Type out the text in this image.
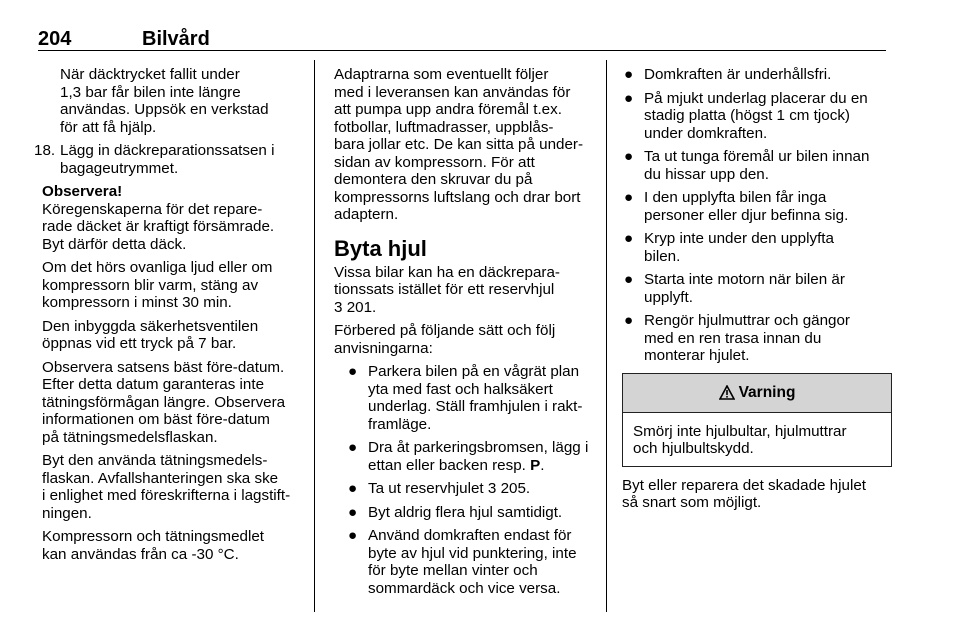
204	Bilvård

När däcktrycket fallit under
1,3 bar får bilen inte längre
användas. Uppsök en verkstad
för att få hjälp.

18. Lägg in däckreparationssatsen i
bagageutrymmet.

Observera!

Köregenskaperna för det repare-
rade däcket är kraftigt försämrade.
Byt därför detta däck.

Om det hörs ovanliga ljud eller om
kompressorn blir varm, stäng av
kompressorn i minst 30 min.

Den inbyggda säkerhetsventilen
öppnas vid ett tryck på 7 bar.

Observera satsens bäst före-datum.
Efter detta datum garanteras inte
tätningsförmågan längre. Observera
informationen om bäst före-datum
på tätningsmedelsflaskan.

Byt den använda tätningsmedels-
flaskan. Avfallshanteringen ska ske
i enlighet med föreskrifterna i lagstift-
ningen.

Kompressorn och tätningsmedlet
kan användas från ca -30 °C.

Adaptrarna som eventuellt följer
med i leveransen kan användas för
att pumpa upp andra föremål t.ex.
fotbollar, luftmadrasser, uppblås-
bara jollar etc. De kan sitta på under-
sidan av kompressorn. För att
demontera den skruvar du på
kompressorns luftslang och drar bort
adaptern.

Byta hjul

Vissa bilar kan ha en däckrepara-
tionssats istället för ett reservhjul
3 201.

Förbered på följande sätt och följ
anvisningarna:

● Parkera bilen på en vågrät plan
yta med fast och halksäkert
underlag. Ställ framhjulen i rakt-
framläge.
● Dra åt parkeringsbromsen, lägg i
ettan eller backen resp. P.
● Ta ut reservhjulet 3 205.
● Byt aldrig flera hjul samtidigt.
● Använd domkraften endast för
byte av hjul vid punktering, inte
för byte mellan vinter och
sommardäck och vice versa.
● Domkraften är underhållsfri.
● På mjukt underlag placerar du en
stadig platta (högst 1 cm tjock)
under domkraften.
● Ta ut tunga föremål ur bilen innan
du hissar upp den.
● I den upplyfta bilen får inga
personer eller djur befinna sig.
● Kryp inte under den upplyfta
bilen.
● Starta inte motorn när bilen är
upplyft.
● Rengör hjulmuttrar och gängor
med en ren trasa innan du
monterar hjulet.
Varning
Smörj inte hjulbultar, hjulmuttrar
och hjulbultskydd.

Byt eller reparera det skadade hjulet
så snart som möjligt.
